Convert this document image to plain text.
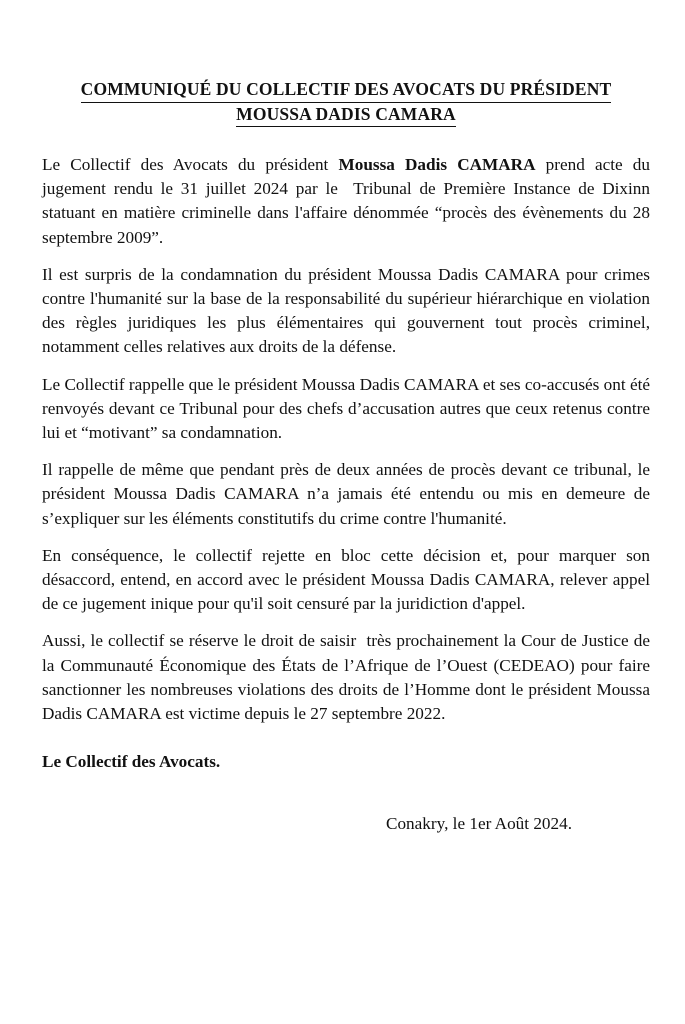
COMMUNIQUÉ DU COLLECTIF DES AVOCATS DU PRÉSIDENT
MOUSSA DADIS CAMARA

Le Collectif des Avocats du président Moussa Dadis CAMARA prend acte du jugement rendu le 31 juillet 2024 par le  Tribunal de Première Instance de Dixinn statuant en matière criminelle dans l'affaire dénommée “procès des évènements du 28 septembre 2009”.

Il est surpris de la condamnation du président Moussa Dadis CAMARA pour crimes contre l'humanité sur la base de la responsabilité du supérieur hiérarchique en violation des règles juridiques les plus élémentaires qui gouvernent tout procès criminel, notamment celles relatives aux droits de la défense.

Le Collectif rappelle que le président Moussa Dadis CAMARA et ses co-accusés ont été renvoyés devant ce Tribunal pour des chefs d’accusation autres que ceux retenus contre lui et “motivant” sa condamnation.

Il rappelle de même que pendant près de deux années de procès devant ce tribunal, le président Moussa Dadis CAMARA n’a jamais été entendu ou mis en demeure de s’expliquer sur les éléments constitutifs du crime contre l'humanité.

En conséquence, le collectif rejette en bloc cette décision et, pour marquer son désaccord, entend, en accord avec le président Moussa Dadis CAMARA, relever appel de ce jugement inique pour qu'il soit censuré par la juridiction d'appel.

Aussi, le collectif se réserve le droit de saisir  très prochainement la Cour de Justice de la Communauté Économique des États de l’Afrique de l’Ouest (CEDEAO) pour faire sanctionner les nombreuses violations des droits de l’Homme dont le président Moussa Dadis CAMARA est victime depuis le 27 septembre 2022.

Le Collectif des Avocats.
Conakry, le 1er Août 2024.
